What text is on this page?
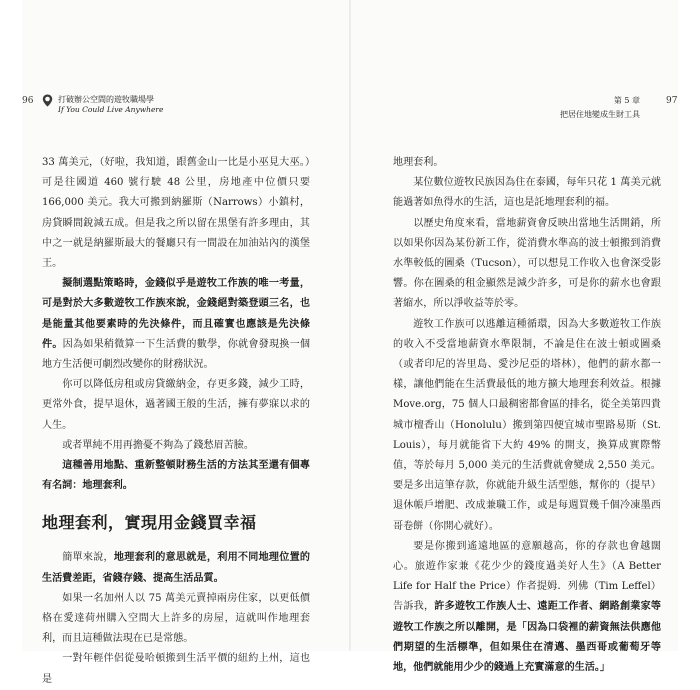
96	打破辦公空間的遊牧職場學
If You Could Live Anywhere
第 5 章
把居住地變成生財工具
97

33 萬美元，（好啦，我知道，跟舊金山一比是小巫見大巫。）可是往國道 460 號行駛 48 公里，房地產中位價只要 166,000 美元。我大可搬到納羅斯（Narrows）小鎮村，房貸瞬間銳減五成。但是我之所以留在黑堡有許多理由，其中之一就是納羅斯最大的餐廳只有一間設在加油站內的漢堡王。

擬制選點策略時，金錢似乎是遊牧工作族的唯一考量，可是對於大多數遊牧工作族來說，金錢絕對築登頭三名，也是能量其他要素時的先決條件，而且確實也應該是先決條件。因為如果稍微算一下生活費的數學，你就會發現換一個地方生活便可劇烈改變你的財務狀況。

你可以降低房租或房貸繳納金，存更多錢，減少工時，更常外食，提早退休，過著國王般的生活，擁有夢寐以求的人生。

或者單純不用再擔憂不夠為了錢愁眉苦臉。

這種善用地點、重新整頓財務生活的方法其至還有個專有名詞：地理套利。

地理套利，實現用金錢買幸福

簡單來說，地理套利的意思就是，利用不同地理位置的生活費差距，省錢存錢、提高生活品質。

如果一名加州人以 75 萬美元賣掉兩房住家，以更低價格在愛達荷州購入空間大上許多的房屋，這就叫作地理套利，而且這種做法現在已是常態。

一對年輕伴侶從曼哈頓搬到生活平價的紐約上州，這也是

地理套利。

某位數位遊牧民族因為住在泰國，每年只花 1 萬美元就能過著如魚得水的生活，這也是託地理套利的福。

以歷史角度來看，當地薪資會反映出當地生活開銷，所以如果你因為某份新工作，從消費水準高的波士頓搬到消費水準較低的圖桑（Tucson），可以想見工作收入也會深受影響。你在圖桑的租金顯然是減少許多，可是你的薪水也會跟著縮水，所以淨收益等於零。

遊牧工作族可以逃離這種循環，因為大多數遊牧工作族的收入不受當地薪資水準限制，不論是住在波士頓或圖桑（或者印尼的峇里島、愛沙尼亞的塔林），他們的薪水都一樣，讓他們能在生活費最低的地方擴大地理套利效益。根據 Move.org，75 個人口最稠密都會區的排名，從全美第四貴城市檀香山（Honolulu）搬到第四便宜城市聖路易斯（St. Louis），每月就能省下大約 49% 的開支，換算成實際幣值，等於每月 5,000 美元的生活費就會變成 2,550 美元。要是多出這筆存款，你就能升級生活型態，幫你的（提早）退休帳戶增肥、改成兼職工作，或是每週買幾千個冷凍墨西哥卷餅（你開心就好）。

要是你搬到遙遠地區的意願越高，你的存款也會越闊心。旅遊作家兼《花少少的錢度過美好人生》（A Better Life for Half the Price）作者提姆．列佛（Tim Leffel）告訴我，許多遊牧工作族人士、遠距工作者、網路創業家等遊牧工作族之所以離開，是「因為口袋裡的薪資無法供應他們期望的生活標準，但如果住在清邁、墨西哥或葡萄牙等地，他們就能用少少的錢過上充實滿意的生活。」
